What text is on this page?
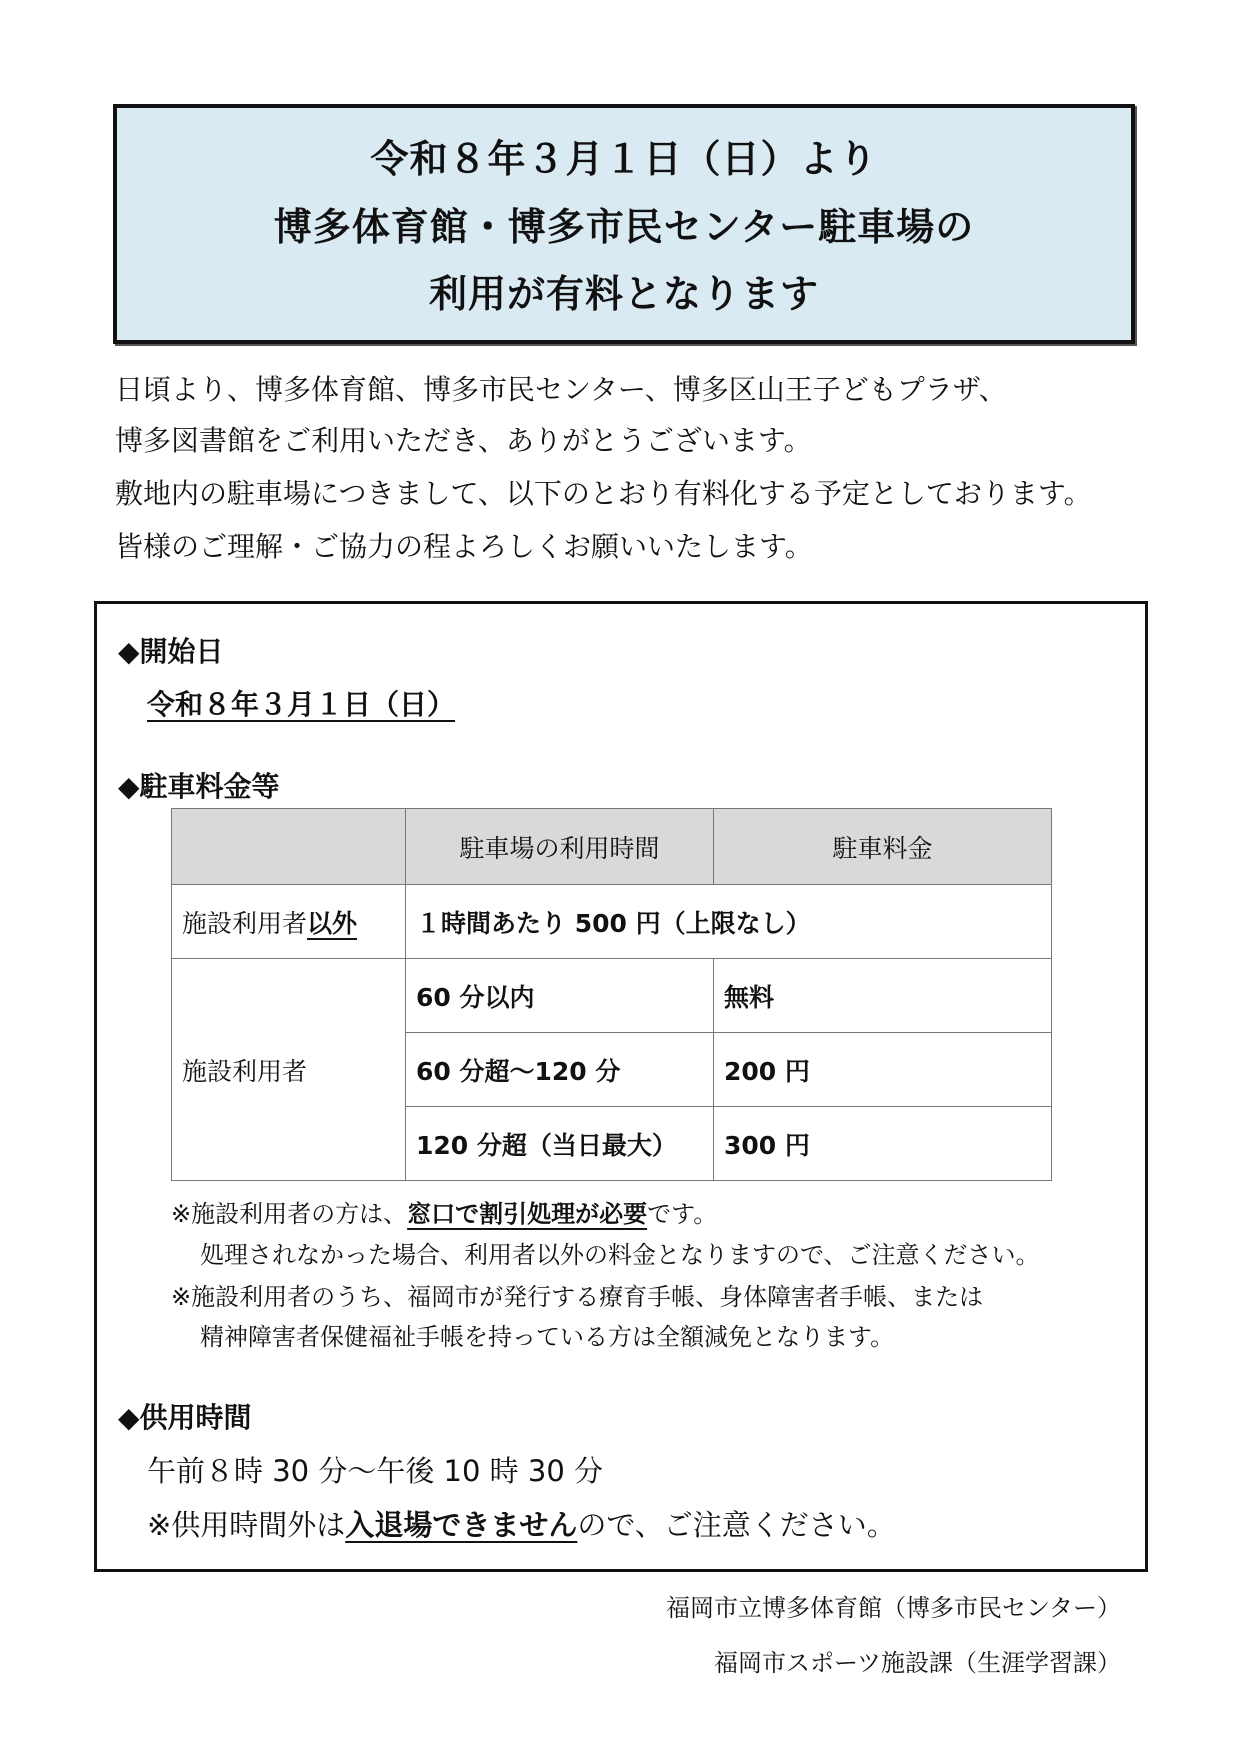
令和８年３月１日（日）より
博多体育館・博多市民センター駐車場の
利用が有料となります
日頃より、博多体育館、博多市民センター、博多区山王子どもプラザ、
博多図書館をご利用いただき、ありがとうございます。
敷地内の駐車場につきまして、以下のとおり有料化する予定としております。
皆様のご理解・ご協力の程よろしくお願いいたします。
◆開始日
令和８年３月１日（日）
◆駐車料金等
	駐車場の利用時間	駐車料金
施設利用者以外	１時間あたり 500 円（上限なし）	
施設利用者	60 分以内	無料
	60 分超～120 分	200 円
	120 分超（当日最大）	300 円
※施設利用者の方は、窓口で割引処理が必要です。
処理されなかった場合、利用者以外の料金となりますので、ご注意ください。
※施設利用者のうち、福岡市が発行する療育手帳、身体障害者手帳、または
精神障害者保健福祉手帳を持っている方は全額減免となります。
◆供用時間
午前８時 30 分～午後 10 時 30 分
※供用時間外は入退場できませんので、ご注意ください。
福岡市立博多体育館（博多市民センター）
福岡市スポーツ施設課（生涯学習課）
